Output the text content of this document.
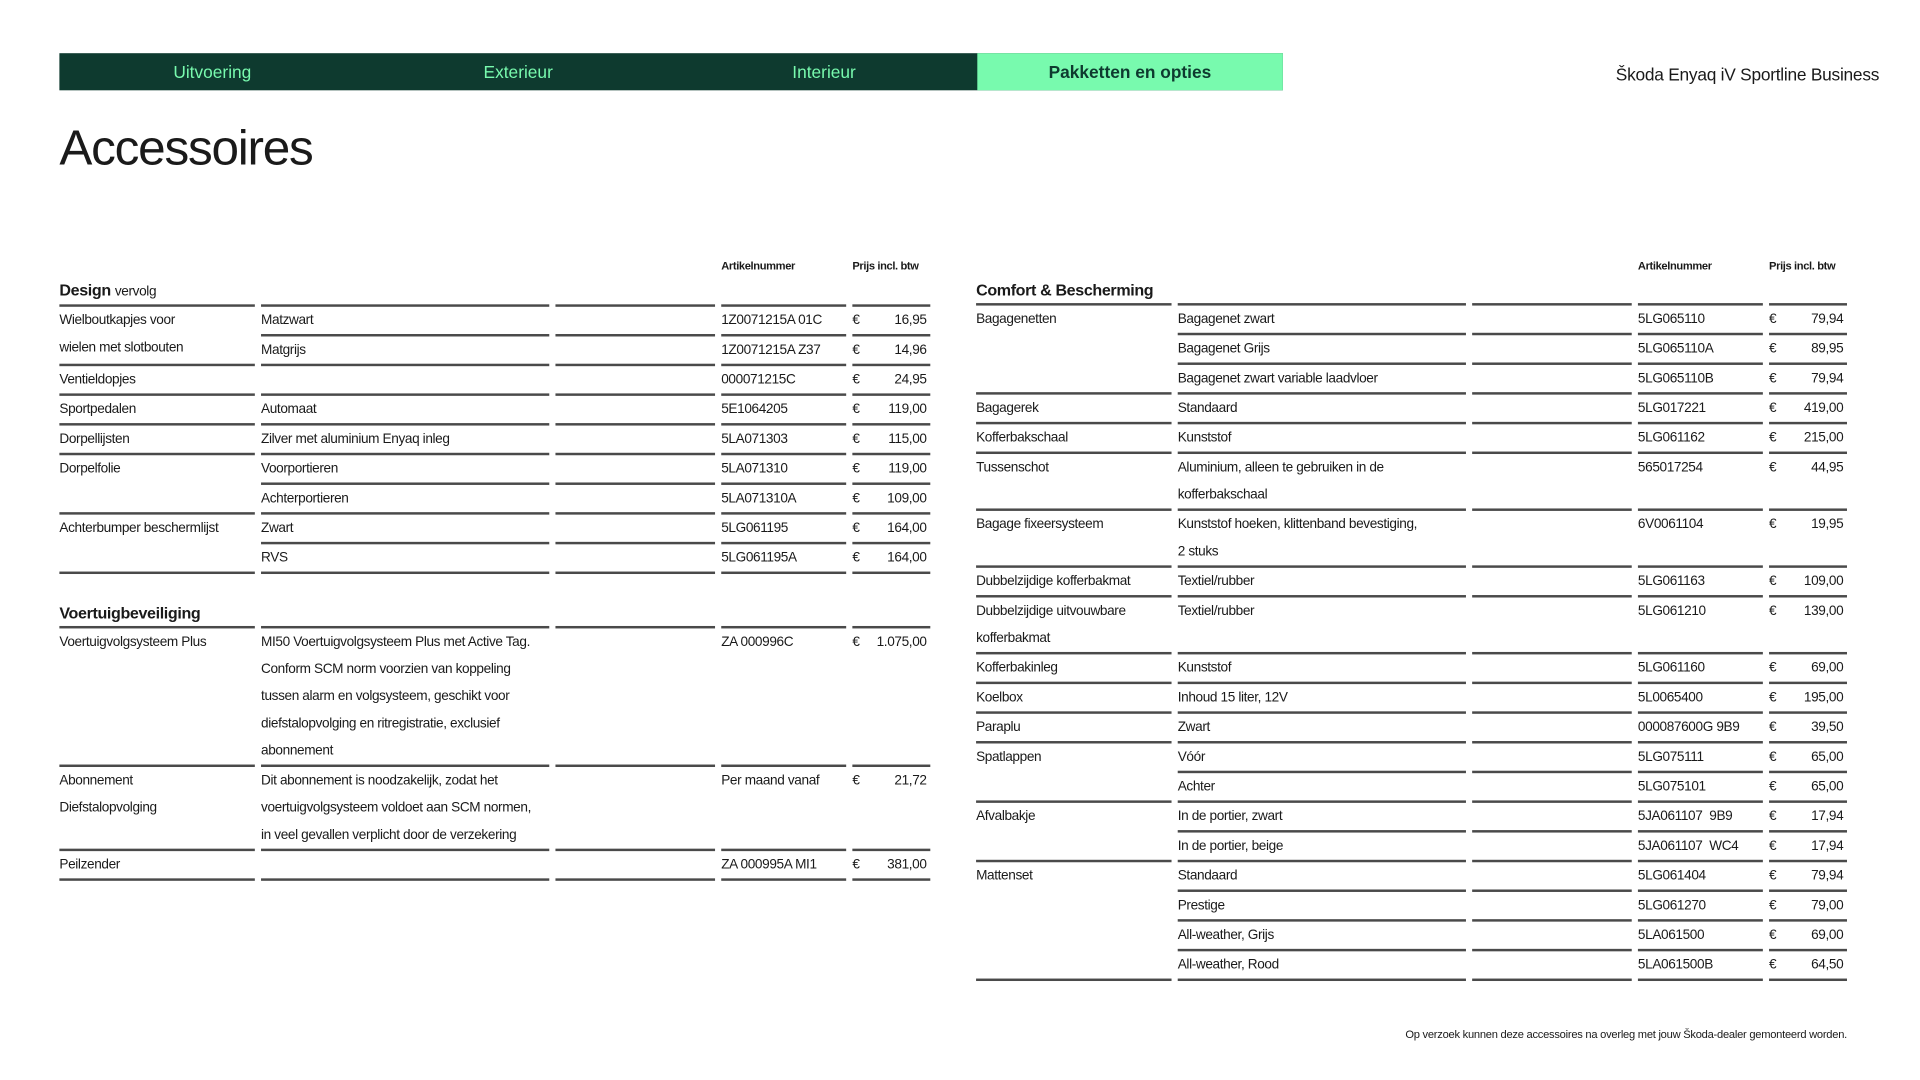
Uitvoering	Exterieur	Interieur	Pakketten en opties	Škoda Enyaq iV Sportline Business
Accessoires
			Artikelnummer	Prijs incl. btw
Design vervolg				

Wielboutkapjes voor
wielen met slotbouten	Matzwart		1Z0071215A 01C	€ 16,95

	Matgrijs		1Z0071215A Z37	€ 14,96

Ventieldopjes			000071215C	€ 24,95

Sportpedalen	Automaat		5E1064205	€ 119,00

Dorpellijsten	Zilver met aluminium Enyaq inleg		5LA071303	€ 115,00

Dorpelfolie	Voorportieren		5LA071310	€ 119,00

	Achterportieren		5LA071310A	€ 109,00

Achterbumper beschermlijst	Zwart		5LG061195	€ 164,00

	RVS		5LG061195A	€ 164,00

Voertuigbeveiliging				

Voertuigvolgsysteem Plus	MI50 Voertuigvolgsysteem Plus met Active Tag.
Conform SCM norm voorzien van koppeling
tussen alarm en volgsysteem, geschikt voor
diefstalopvolging en ritregistratie, exclusief
abonnement		ZA 000996C	€ 1.075,00

Abonnement
Diefstalopvolging	Dit abonnement is noodzakelijk, zodat het
voertuigvolgsysteem voldoet aan SCM normen,
in veel gevallen verplicht door de verzekering		Per maand vanaf	€ 21,72

Peilzender			ZA 000995A MI1	€ 381,00
			Artikelnummer	Prijs incl. btw
Comfort & Bescherming				

Bagagenetten	Bagagenet zwart		5LG065110	€ 79,94

	Bagagenet Grijs		5LG065110A	€ 89,95

	Bagagenet zwart variable laadvloer		5LG065110B	€ 79,94

Bagagerek	Standaard		5LG017221	€ 419,00

Kofferbakschaal	Kunststof		5LG061162	€ 215,00

Tussenschot	Aluminium, alleen te gebruiken in de
kofferbakschaal		565017254	€ 44,95

Bagage fixeersysteem	Kunststof hoeken, klittenband bevestiging,
2 stuks		6V0061104	€ 19,95

Dubbelzijdige kofferbakmat	Textiel/rubber		5LG061163	€ 109,00

Dubbelzijdige uitvouwbare
kofferbakmat	Textiel/rubber		5LG061210	€ 139,00

Kofferbakinleg	Kunststof		5LG061160	€ 69,00

Koelbox	Inhoud 15 liter, 12V		5L0065400	€ 195,00

Paraplu	Zwart		000087600G 9B9	€ 39,50

Spatlappen	Vóór		5LG075111	€ 65,00

	Achter		5LG075101	€ 65,00

Afvalbakje	In de portier, zwart		5JA061107  9B9	€ 17,94

	In de portier, beige		5JA061107  WC4	€ 17,94

Mattenset	Standaard		5LG061404	€ 79,94

	Prestige		5LG061270	€ 79,00

	All-weather, Grijs		5LA061500	€ 69,00

	All-weather, Rood		5LA061500B	€ 64,50
Op verzoek kunnen deze accessoires na overleg met jouw Škoda-dealer gemonteerd worden.
